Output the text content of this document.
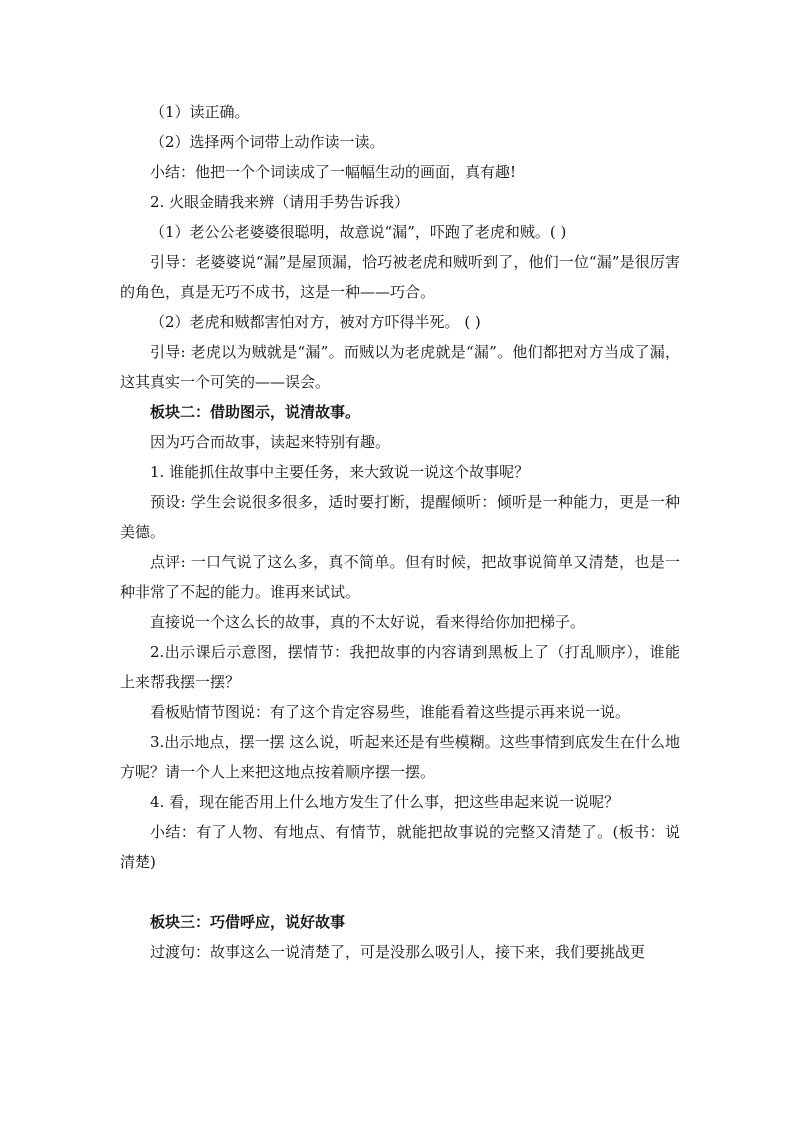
（1）读正确。

（2）选择两个词带上动作读一读。

小结：他把一个个词读成了一幅幅生动的画面，真有趣!

2. 火眼金睛我来辨（请用手势告诉我）

（1）老公公老婆婆很聪明，故意说“漏”，吓跑了老虎和贼。( )

引导：老婆婆说“漏”是屋顶漏，恰巧被老虎和贼听到了，他们一位“漏”是很厉害的角色，真是无巧不成书，这是一种——巧合。

（2）老虎和贼都害怕对方，被对方吓得半死。 ( )

引导: 老虎以为贼就是“漏”。而贼以为老虎就是“漏”。他们都把对方当成了漏，这其真实一个可笑的——误会。

板块二：借助图示，说清故事。

因为巧合而故事，读起来特别有趣。

1. 谁能抓住故事中主要任务，来大致说一说这个故事呢？

预设: 学生会说很多很多，适时要打断，提醒倾听：倾听是一种能力，更是一种美德。

点评: 一口气说了这么多，真不简单。但有时候，把故事说简单又清楚，也是一种非常了不起的能力。谁再来试试。

直接说一个这么长的故事，真的不太好说，看来得给你加把梯子。

2.出示课后示意图，摆情节：我把故事的内容请到黑板上了（打乱顺序），谁能上来帮我摆一摆？

看板贴情节图说：有了这个肯定容易些，谁能看着这些提示再来说一说。

3.出示地点，摆一摆 这么说，听起来还是有些模糊。这些事情到底发生在什么地方呢？请一个人上来把这地点按着顺序摆一摆。

4. 看，现在能否用上什么地方发生了什么事，把这些串起来说一说呢？

小结：有了人物、有地点、有情节，就能把故事说的完整又清楚了。(板书：说清楚)

板块三：巧借呼应，说好故事

过渡句：故事这么一说清楚了，可是没那么吸引人，接下来，我们要挑战更
